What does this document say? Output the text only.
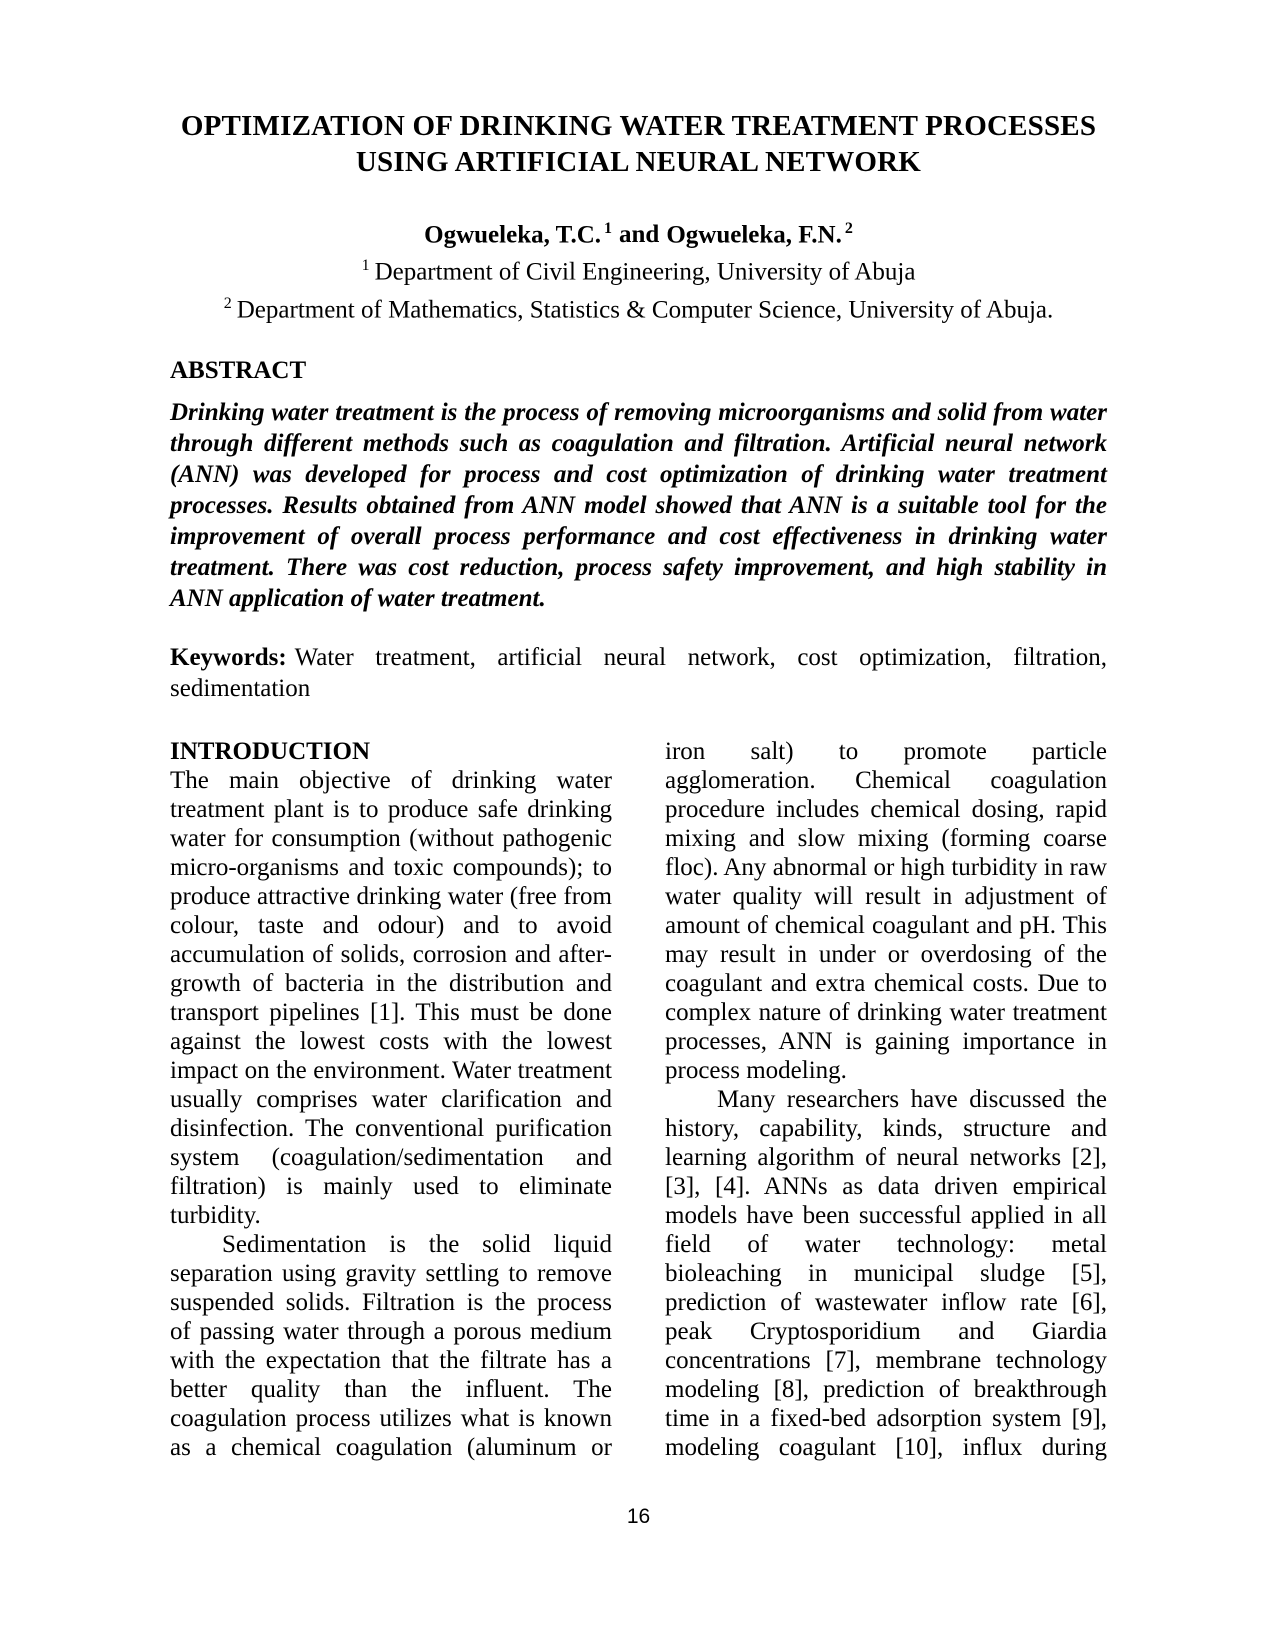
OPTIMIZATION OF DRINKING WATER TREATMENT PROCESSES
USING ARTIFICIAL NEURAL NETWORK
Ogwueleka, T.C. $^1$ and Ogwueleka, F.N. $^2$
$^1$ Department of Civil Engineering, University of Abuja
$^2$ Department of Mathematics, Statistics & Computer Science, University of Abuja.
ABSTRACT
Drinking water treatment is the process of removing microorganisms and solid from water through different methods such as coagulation and filtration. Artificial neural network (ANN) was developed for process and cost optimization of drinking water treatment processes. Results obtained from ANN model showed that ANN is a suitable tool for the improvement of overall process performance and cost effectiveness in drinking water treatment. There was cost reduction, process safety improvement, and high stability in ANN application of water treatment.
Keywords: Water treatment, artificial neural network, cost optimization, filtration, sedimentation

INTRODUCTION

The main objective of drinking water treatment plant is to produce safe drinking water for consumption (without pathogenic micro-organisms and toxic compounds); to produce attractive drinking water (free from colour, taste and odour) and to avoid accumulation of solids, corrosion and after-growth of bacteria in the distribution and transport pipelines [1]. This must be done against the lowest costs with the lowest impact on the environment. Water treatment usually comprises water clarification and disinfection. The conventional purification system (coagulation/sedimentation and filtration) is mainly used to eliminate turbidity.

Sedimentation is the solid liquid separation using gravity settling to remove suspended solids. Filtration is the process of passing water through a porous medium with the expectation that the filtrate has a better quality than the influent. The coagulation process utilizes what is known as a chemical coagulation (aluminum or

iron salt) to promote particle agglomeration. Chemical coagulation procedure includes chemical dosing, rapid mixing and slow mixing (forming coarse floc). Any abnormal or high turbidity in raw water quality will result in adjustment of amount of chemical coagulant and pH. This may result in under or overdosing of the coagulant and extra chemical costs. Due to complex nature of drinking water treatment processes, ANN is gaining importance in process modeling.

Many researchers have discussed the history, capability, kinds, structure and learning algorithm of neural networks [2], [3], [4]. ANNs as data driven empirical models have been successful applied in all field of water technology: metal bioleaching in municipal sludge [5], prediction of wastewater inflow rate [6], peak Cryptosporidium and Giardia concentrations [7], membrane technology modeling [8], prediction of breakthrough time in a fixed-bed adsorption system [9], modeling coagulant [10], influx during

16
